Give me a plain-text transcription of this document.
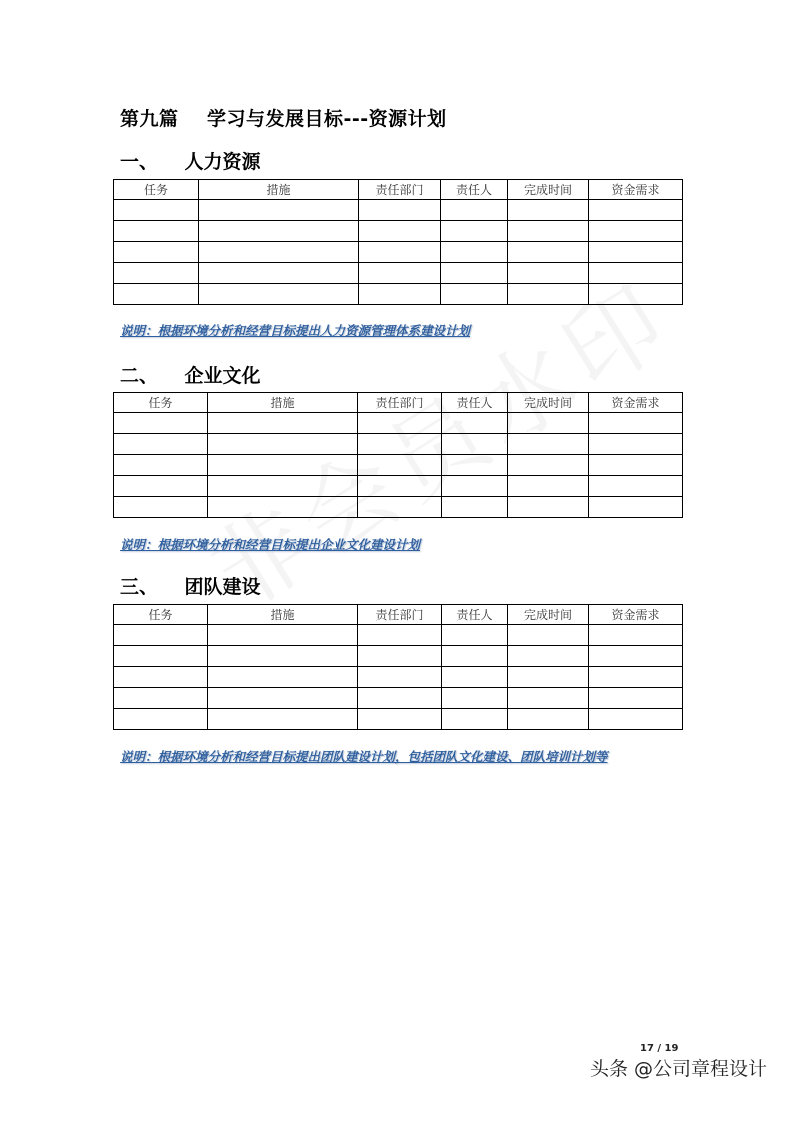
第九篇    学习与发展目标---资源计划
一、    人力资源
任务	措施	责任部门	责任人	完成时间	资金需求

说明：根据环境分析和经营目标提出人力资源管理体系建设计划
二、    企业文化
任务	措施	责任部门	责任人	完成时间	资金需求

说明：根据环境分析和经营目标提出企业文化建设计划
三、    团队建设
任务	措施	责任部门	责任人	完成时间	资金需求

说明：根据环境分析和经营目标提出团队建设计划，包括团队文化建设、团队培训计划等
17 / 19
头条 @公司章程设计
